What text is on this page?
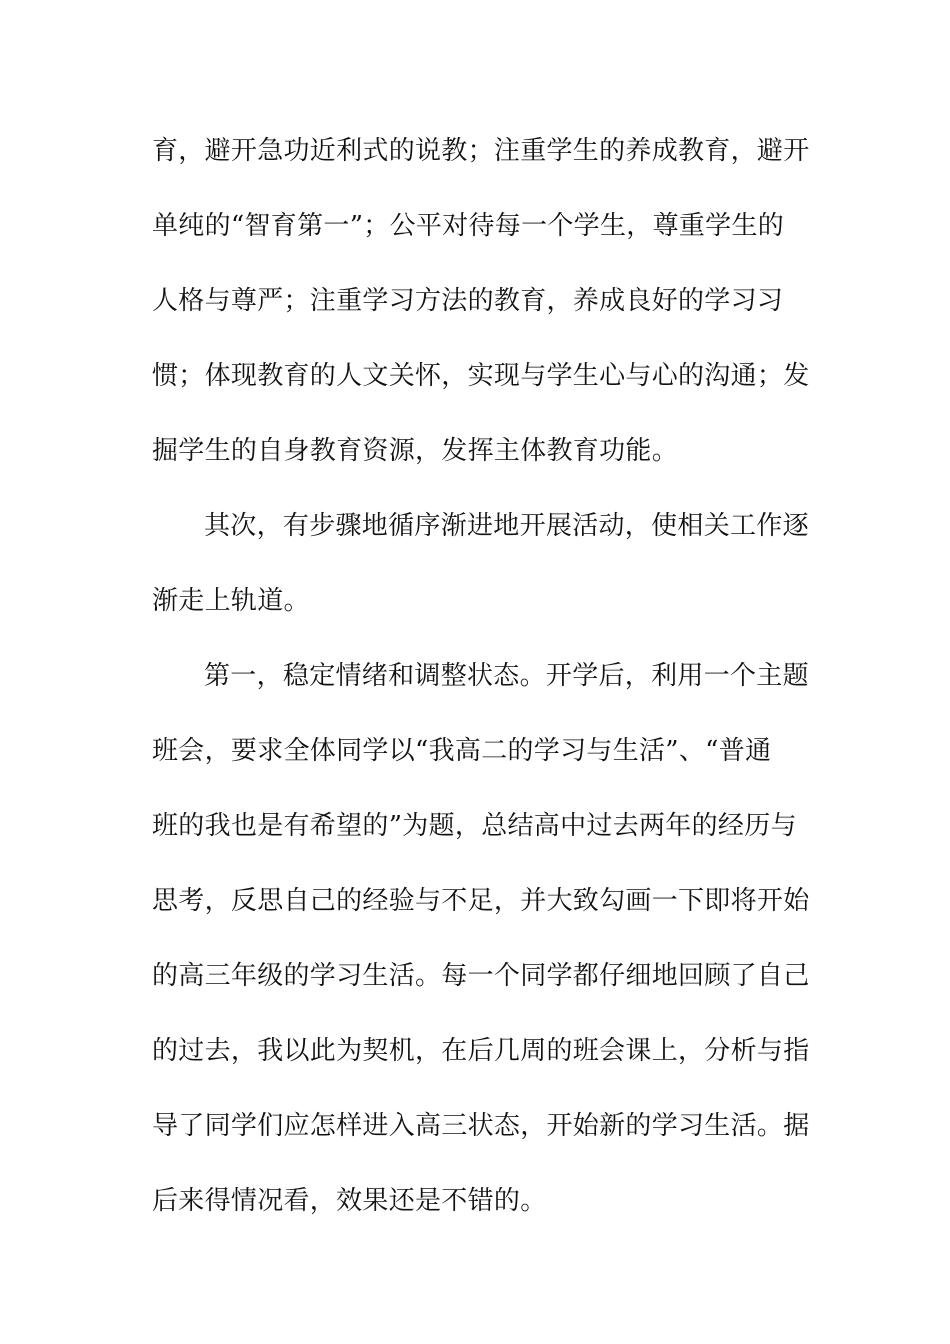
育，避开急功近利式的说教；注重学生的养成教育，避开
单纯的“智育第一”；公平对待每一个学生，尊重学生的
人格与尊严；注重学习方法的教育，养成良好的学习习
惯；体现教育的人文关怀，实现与学生心与心的沟通；发
掘学生的自身教育资源，发挥主体教育功能。
其次，有步骤地循序渐进地开展活动，使相关工作逐
渐走上轨道。
第一，稳定情绪和调整状态。开学后，利用一个主题
班会，要求全体同学以“我高二的学习与生活”、“普通
班的我也是有希望的”为题，总结高中过去两年的经历与
思考，反思自己的经验与不足，并大致勾画一下即将开始
的高三年级的学习生活。每一个同学都仔细地回顾了自己
的过去，我以此为契机，在后几周的班会课上，分析与指
导了同学们应怎样进入高三状态，开始新的学习生活。据
后来得情况看，效果还是不错的。
